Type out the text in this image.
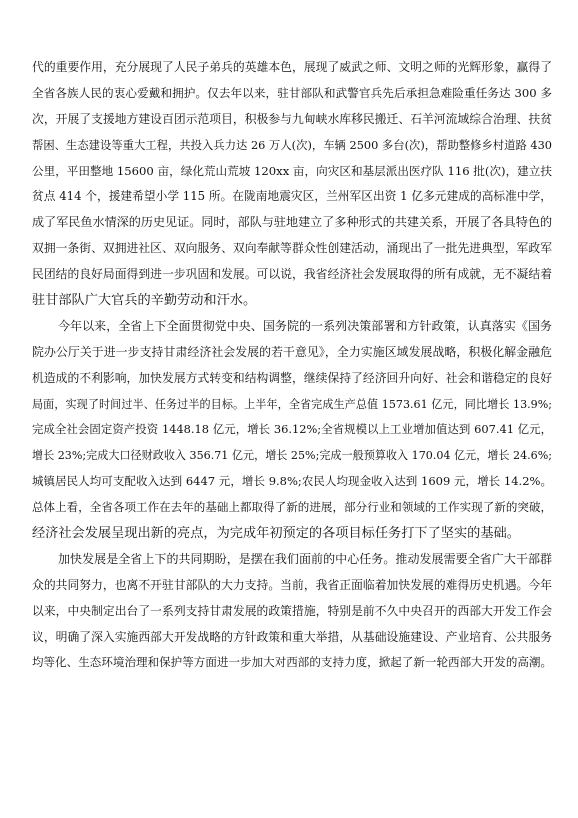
代的重要作用，充分展现了人民子弟兵的英雄本色，展现了威武之师、文明之师的光辉形象，赢得了
全省各族人民的衷心爱戴和拥护。仅去年以来，驻甘部队和武警官兵先后承担急难险重任务达 300 多
次，开展了支援地方建设百团示范项目，积极参与九甸峡水库移民搬迁、石羊河流域综合治理、扶贫
帮困、生态建设等重大工程，共投入兵力达 26 万人(次)，车辆 2500 多台(次)，帮助整修乡村道路 430
公里，平田整地 15600 亩，绿化荒山荒坡 120xx 亩，向灾区和基层派出医疗队 116 批(次)，建立扶
贫点 414 个，援建希望小学 115 所。在陇南地震灾区，兰州军区出资 1 亿多元建成的高标准中学，
成了军民鱼水情深的历史见证。同时，部队与驻地建立了多种形式的共建关系，开展了各具特色的
双拥一条街、双拥进社区、双向服务、双向奉献等群众性创建活动，涌现出了一批先进典型，军政军
民团结的良好局面得到进一步巩固和发展。可以说，我省经济社会发展取得的所有成就，无不凝结着
驻甘部队广大官兵的辛勤劳动和汗水。
今年以来，全省上下全面贯彻党中央、国务院的一系列决策部署和方针政策，认真落实《国务
院办公厅关于进一步支持甘肃经济社会发展的若干意见》，全力实施区域发展战略，积极化解金融危
机造成的不利影响，加快发展方式转变和结构调整，继续保持了经济回升向好、社会和谐稳定的良好
局面，实现了时间过半、任务过半的目标。上半年，全省完成生产总值 1573.61 亿元，同比增长 13.9%;
完成全社会固定资产投资 1448.18 亿元，增长 36.12%;全省规模以上工业增加值达到 607.41 亿元，
增长 23%;完成大口径财政收入 356.71 亿元，增长 25%;完成一般预算收入 170.04 亿元，增长 24.6%;
城镇居民人均可支配收入达到 6447 元，增长 9.8%;农民人均现金收入达到 1609 元，增长 14.2%。
总体上看，全省各项工作在去年的基础上都取得了新的进展，部分行业和领域的工作实现了新的突破，
经济社会发展呈现出新的亮点，为完成年初预定的各项目标任务打下了坚实的基础。
加快发展是全省上下的共同期盼，是摆在我们面前的中心任务。推动发展需要全省广大干部群
众的共同努力，也离不开驻甘部队的大力支持。当前，我省正面临着加快发展的难得历史机遇。今年
以来，中央制定出台了一系列支持甘肃发展的政策措施，特别是前不久中央召开的西部大开发工作会
议，明确了深入实施西部大开发战略的方针政策和重大举措，从基础设施建设、产业培育、公共服务
均等化、生态环境治理和保护等方面进一步加大对西部的支持力度，掀起了新一轮西部大开发的高潮。
